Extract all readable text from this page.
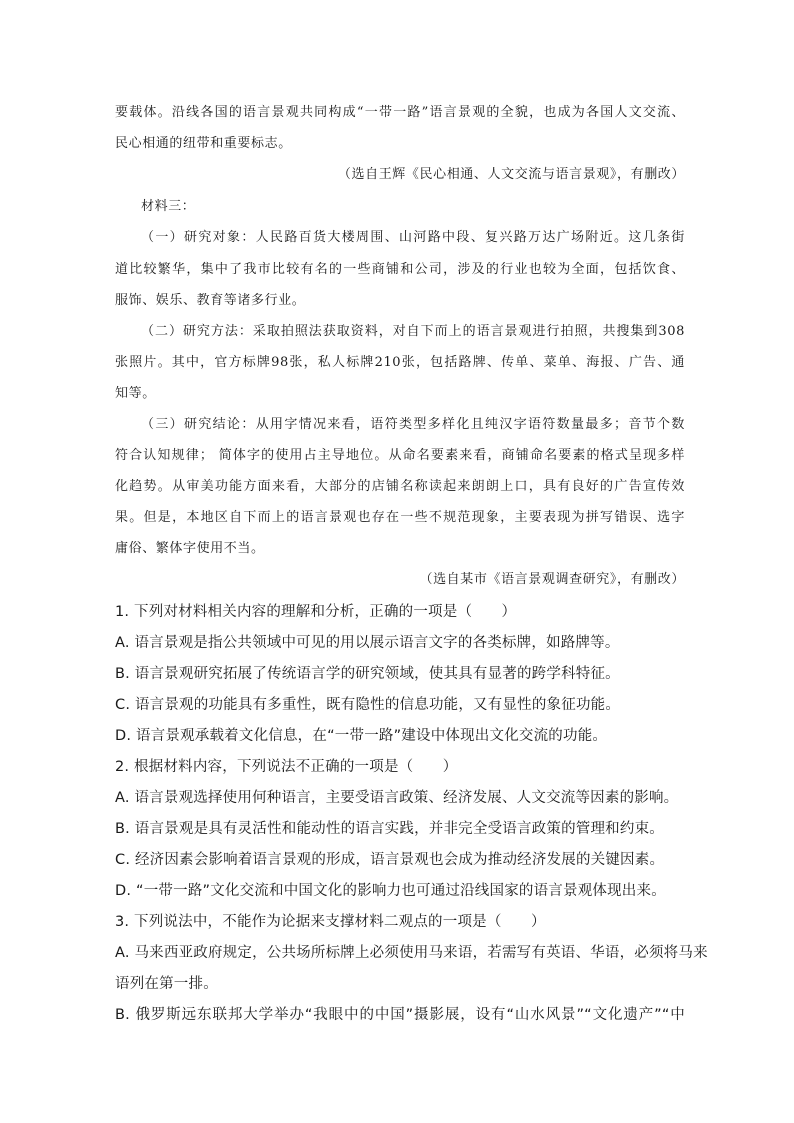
要载体。沿线各国的语言景观共同构成“一带一路”语言景观的全貌，也成为各国人文交流、
民心相通的纽带和重要标志。
（选自王辉《民心相通、人文交流与语言景观》，有删改）
材料三：
（一）研究对象：人民路百货大楼周围、山河路中段、复兴路万达广场附近。这几条街
道比较繁华，集中了我市比较有名的一些商铺和公司，涉及的行业也较为全面，包括饮食、
服饰、娱乐、教育等诸多行业。
（二）研究方法：采取拍照法获取资料，对自下而上的语言景观进行拍照，共搜集到308
张照片。其中，官方标牌98张，私人标牌210张，包括路牌、传单、菜单、海报、广告、通
知等。
（三）研究结论：从用字情况来看，语符类型多样化且纯汉字语符数量最多；音节个数
符合认知规律； 简体字的使用占主导地位。从命名要素来看，商铺命名要素的格式呈现多样
化趋势。从审美功能方面来看，大部分的店铺名称读起来朗朗上口，具有良好的广告宣传效
果。但是，本地区自下而上的语言景观也存在一些不规范现象，主要表现为拼写错误、选字
庸俗、繁体字使用不当。
（选自某市《语言景观调查研究》，有删改）
1. 下列对材料相关内容的理解和分析，正确的一项是（　　）
A. 语言景观是指公共领域中可见的用以展示语言文字的各类标牌，如路牌等。
B. 语言景观研究拓展了传统语言学的研究领域，使其具有显著的跨学科特征。
C. 语言景观的功能具有多重性，既有隐性的信息功能，又有显性的象征功能。
D. 语言景观承载着文化信息，在“一带一路”建设中体现出文化交流的功能。
2. 根据材料内容，下列说法不正确的一项是（　　）
A. 语言景观选择使用何种语言，主要受语言政策、经济发展、人文交流等因素的影响。
B. 语言景观是具有灵活性和能动性的语言实践，并非完全受语言政策的管理和约束。
C. 经济因素会影响着语言景观的形成，语言景观也会成为推动经济发展的关键因素。
D. “一带一路”文化交流和中国文化的影响力也可通过沿线国家的语言景观体现出来。
3. 下列说法中，不能作为论据来支撑材料二观点的一项是（　　）
A. 马来西亚政府规定，公共场所标牌上必须使用马来语，若需写有英语、华语，必须将马来
语列在第一排。
B. 俄罗斯远东联邦大学举办“我眼中的中国”摄影展，设有“山水风景”“文化遗产”“中
